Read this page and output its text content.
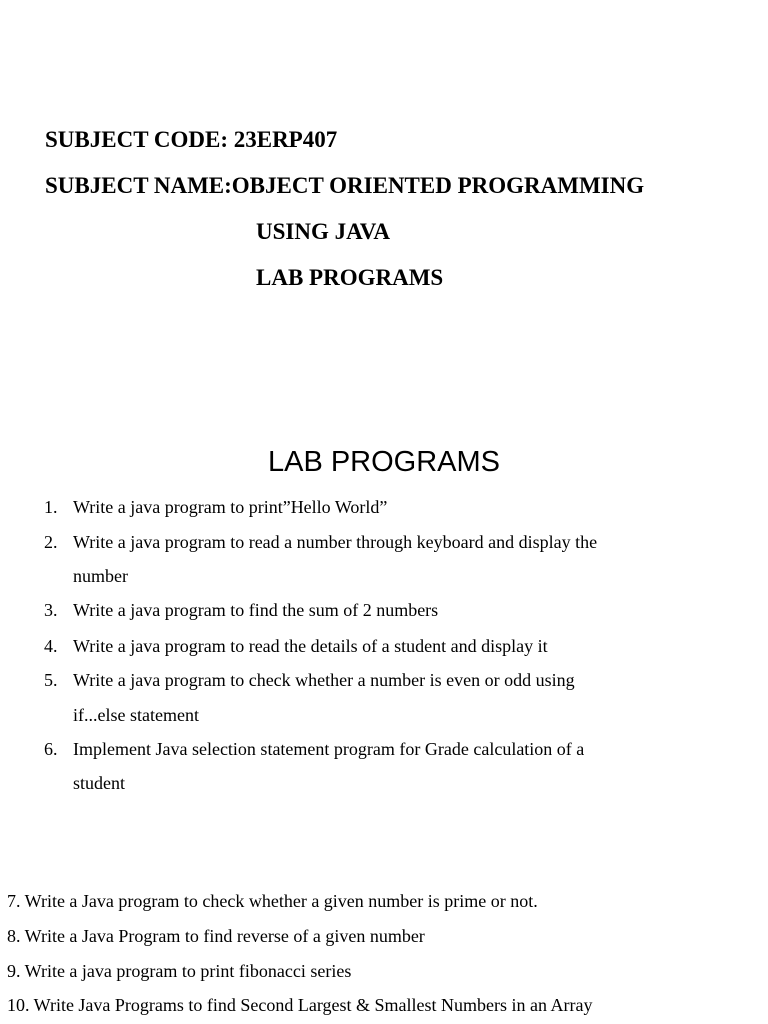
SUBJECT CODE: 23ERP407

SUBJECT NAME:OBJECT ORIENTED PROGRAMMING

USING JAVA

LAB PROGRAMS

LAB PROGRAMS
1. Write a java program to print”Hello World”
2. Write a java program to read a number through keyboard and display the
number
3. Write a java program to find the sum of 2 numbers
4. Write a java program to read the details of a student and display it
5. Write a java program to check whether a number is even or odd using
if...else statement
6. Implement Java selection statement program for Grade calculation of a
student
7. Write a Java program to check whether a given number is prime or not.
8. Write a Java Program to find reverse of a given number
9. Write a java program to print fibonacci series
10. Write Java Programs to find Second Largest & Smallest Numbers in an Array
